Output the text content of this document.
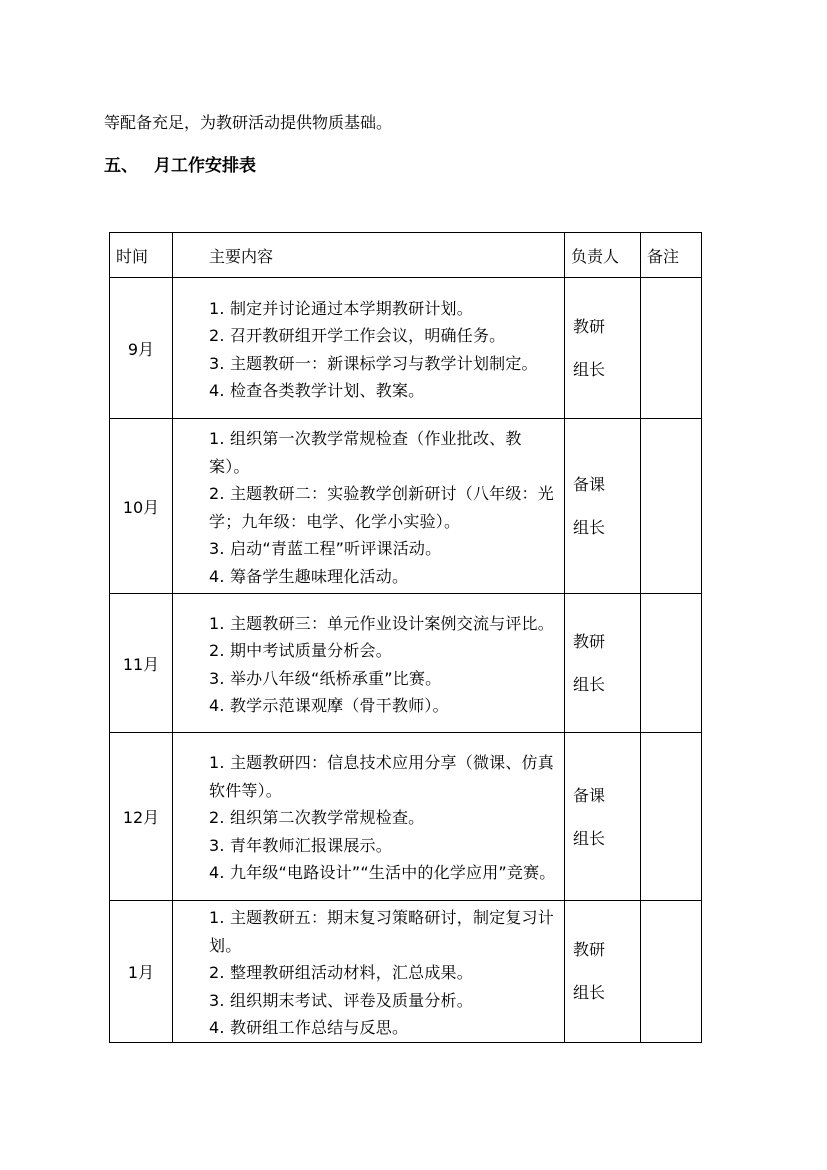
等配备充足，为教研活动提供物质基础。
五、 月工作安排表
时间	主要内容	负责人	备注
9月	1. 制定并讨论通过本学期教研计划。
2. 召开教研组开学工作会议，明确任务。
3. 主题教研一：新课标学习与教学计划制定。
4. 检查各类教学计划、教案。	教研
组长	

10月	1. 组织第一次教学常规检查（作业批改、教案）。
2. 主题教研二：实验教学创新研讨（八年级：光学；九年级：电学、化学小实验）。
3. 启动“青蓝工程”听评课活动。
4. 筹备学生趣味理化活动。	备课
组长	

11月	1. 主题教研三：单元作业设计案例交流与评比。
2. 期中考试质量分析会。
3. 举办八年级“纸桥承重”比赛。
4. 教学示范课观摩（骨干教师）。	教研
组长	

12月	1. 主题教研四：信息技术应用分享（微课、仿真软件等）。
2. 组织第二次教学常规检查。
3. 青年教师汇报课展示。
4. 九年级“电路设计”“生活中的化学应用”竞赛。	备课
组长	

1月	1. 主题教研五：期末复习策略研讨，制定复习计划。
2. 整理教研组活动材料，汇总成果。
3. 组织期末考试、评卷及质量分析。
4. 教研组工作总结与反思。	教研
组长	
